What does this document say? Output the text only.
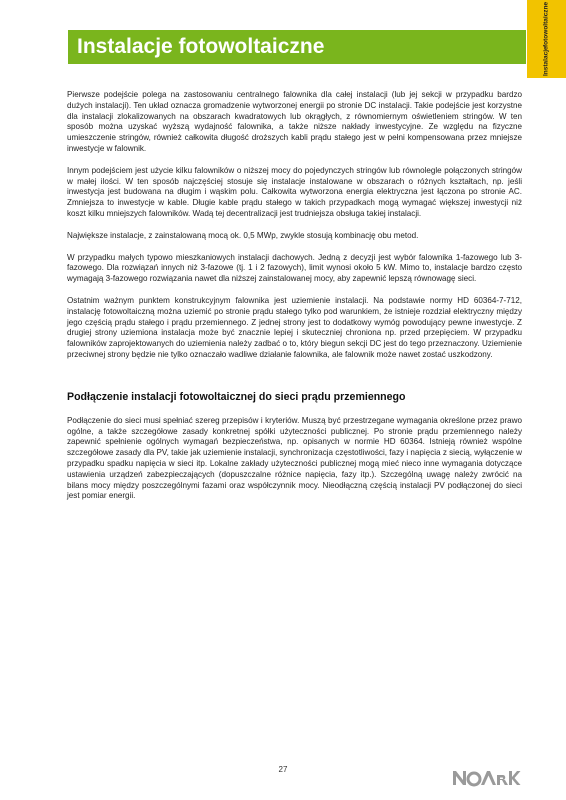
Instalacje
fotowoltaiczne
Instalacje fotowoltaiczne

Pierwsze podejście polega na zastosowaniu centralnego falownika dla całej instalacji (lub jej sekcji w przypadku bardzo dużych instalacji). Ten układ oznacza gromadzenie wytworzonej energii po stronie DC instalacji. Takie podejście jest korzystne dla instalacji zlokalizowanych na obszarach kwadratowych lub okrągłych, z równomiernym oświetleniem stringów. W ten sposób można uzyskać wyższą wydajność falownika, a także niższe nakłady inwestycyjne. Ze względu na fizyczne umieszczenie stringów, również całkowita długość droższych kabli prądu stałego jest w pełni kompensowana przez mniejsze inwestycje w falownik.

Innym podejściem jest użycie kilku falowników o niższej mocy do pojedynczych stringów lub równolegle połączonych stringów w małej ilości. W ten sposób najczęściej stosuje się instalacje instalowane w obszarach o różnych kształtach, np. jeśli inwestycja jest budowana na długim i wąskim polu. Całkowita wytworzona energia elektryczna jest łączona po stronie AC. Zmniejsza to inwestycje w kable. Długie kable prądu stałego w takich przypadkach mogą wymagać większej inwestycji niż koszt kilku mniejszych falowników. Wadą tej decentralizacji jest trudniejsza obsługa takiej instalacji.

Największe instalacje, z zainstalowaną mocą ok. 0,5 MWp, zwykle stosują kombinację obu metod.

W przypadku małych typowo mieszkaniowych instalacji dachowych. Jedną z decyzji jest wybór falownika 1-fazowego lub 3-fazowego. Dla rozwiązań innych niż 3-fazowe (tj. 1 i 2 fazowych), limit wynosi około 5 kW. Mimo to, instalacje bardzo często wymagają 3-fazowego rozwiązania nawet dla niższej zainstalowanej mocy, aby zapewnić lepszą równowagę sieci.

Ostatnim ważnym punktem konstrukcyjnym falownika jest uziemienie instalacji. Na podstawie normy HD 60364-7-712, instalację fotowoltaiczną można uziemić po stronie prądu stałego tylko pod warunkiem, że istnieje rozdział elektryczny między jego częścią prądu stałego i prądu przemiennego. Z jednej strony jest to dodatkowy wymóg powodujący pewne inwestycje. Z drugiej strony uziemiona instalacja może być znacznie lepiej i skuteczniej chroniona np. przed przepięciem. W przypadku falowników zaprojektowanych do uziemienia należy zadbać o to, który biegun sekcji DC jest do tego przeznaczony. Uziemienie przeciwnej strony będzie nie tylko oznaczało wadliwe działanie falownika, ale falownik może nawet zostać uszkodzony.

Podłączenie instalacji fotowoltaicznej do sieci prądu przemiennego

Podłączenie do sieci musi spełniać szereg przepisów i kryteriów. Muszą być przestrzegane wymagania określone przez prawo ogólne, a także szczegółowe zasady konkretnej spółki użyteczności publicznej. Po stronie prądu przemiennego należy zapewnić spełnienie ogólnych wymagań bezpieczeństwa, np. opisanych w normie HD 60364. Istnieją również wspólne szczegółowe zasady dla PV, takie jak uziemienie instalacji, synchronizacja częstotliwości, fazy i napięcia z siecią, wyłączenie w przypadku spadku napięcia w sieci itp. Lokalne zakłady użyteczności publicznej mogą mieć nieco inne wymagania dotyczące ustawienia urządzeń zabezpieczających (dopuszczalne różnice napięcia, fazy itp.). Szczególną uwagę należy zwrócić na bilans mocy między poszczególnymi fazami oraz współczynnik mocy. Nieodłączną częścią instalacji PV podłączonej do sieci jest pomiar energii.

27
